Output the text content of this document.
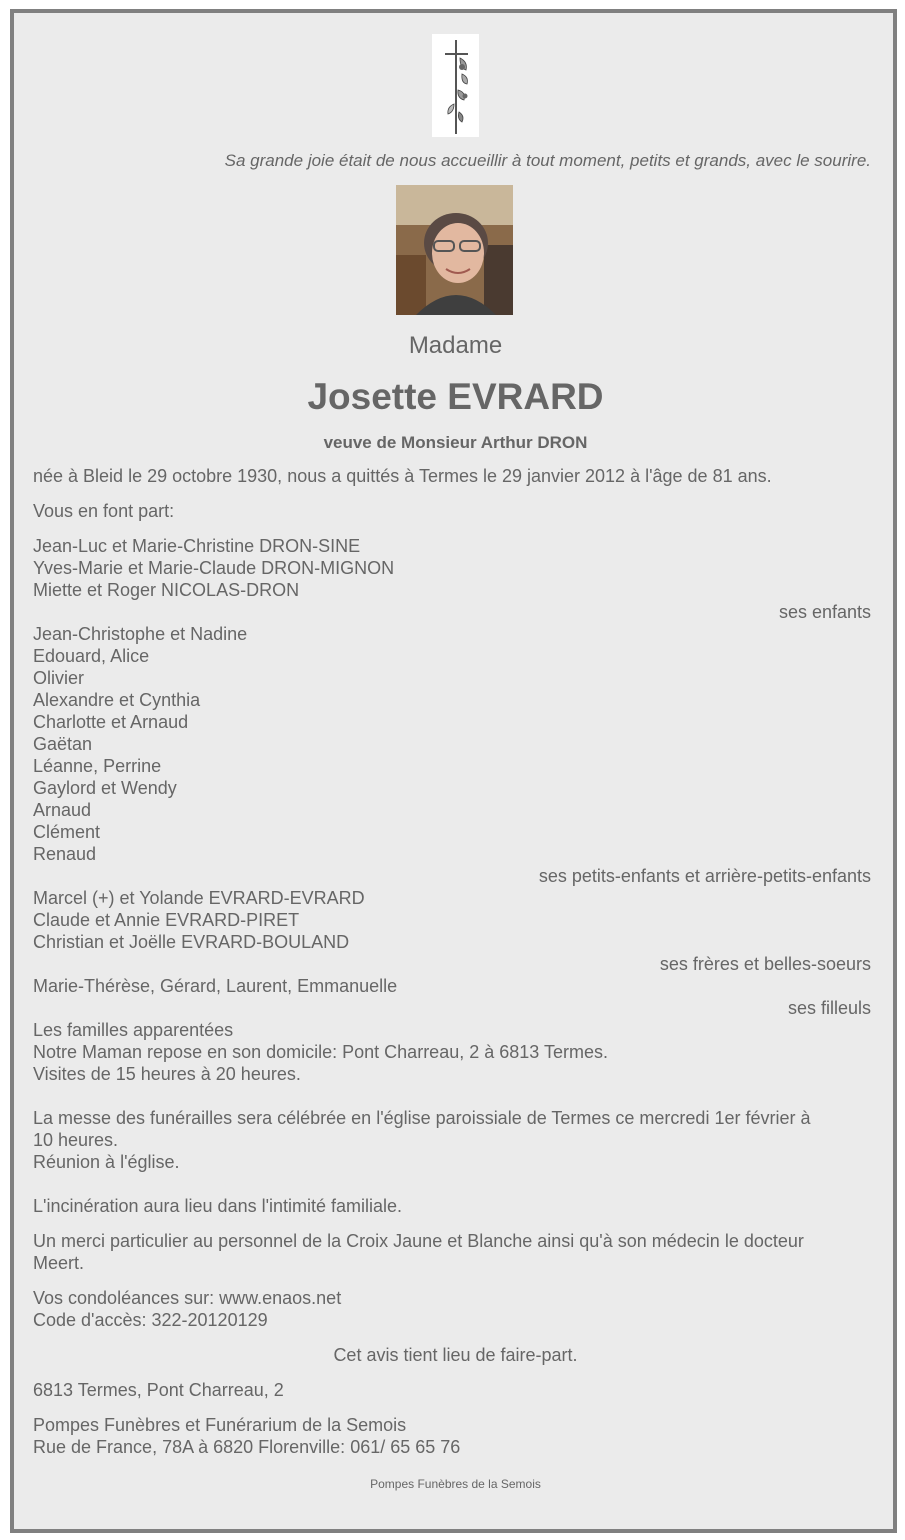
Sa grande joie était de nous accueillir à tout moment, petits et grands, avec le sourire.
Madame
Josette EVRARD
veuve de Monsieur Arthur DRON
née à Bleid le 29 octobre 1930, nous a quittés à Termes le 29 janvier 2012 à l'âge de 81 ans.
Vous en font part:
Jean-Luc et Marie-Christine DRON-SINE
Yves-Marie et Marie-Claude DRON-MIGNON
Miette et Roger NICOLAS-DRON
ses enfants
Jean-Christophe et Nadine
Edouard, Alice
Olivier
Alexandre et Cynthia
Charlotte et Arnaud
Gaëtan
Léanne, Perrine
Gaylord et Wendy
Arnaud
Clément
Renaud
ses petits-enfants et arrière-petits-enfants
Marcel (+) et Yolande EVRARD-EVRARD
Claude et Annie EVRARD-PIRET
Christian et Joëlle EVRARD-BOULAND
ses frères et belles-soeurs
Marie-Thérèse, Gérard, Laurent, Emmanuelle
ses filleuls
Les familles apparentées
Notre Maman repose en son domicile: Pont Charreau, 2 à 6813 Termes.
Visites de 15 heures à 20 heures.
La messe des funérailles sera célébrée en l'église paroissiale de Termes ce mercredi 1er février à
10 heures.
Réunion à l'église.
L'incinération aura lieu dans l'intimité familiale.
Un merci particulier au personnel de la Croix Jaune et Blanche ainsi qu'à son médecin le docteur
Meert.
Vos condoléances sur: www.enaos.net
Code d'accès: 322-20120129
Cet avis tient lieu de faire-part.
6813 Termes, Pont Charreau, 2
Pompes Funèbres et Funérarium de la Semois
Rue de France, 78A à 6820 Florenville: 061/ 65 65 76
Pompes Funèbres de la Semois
